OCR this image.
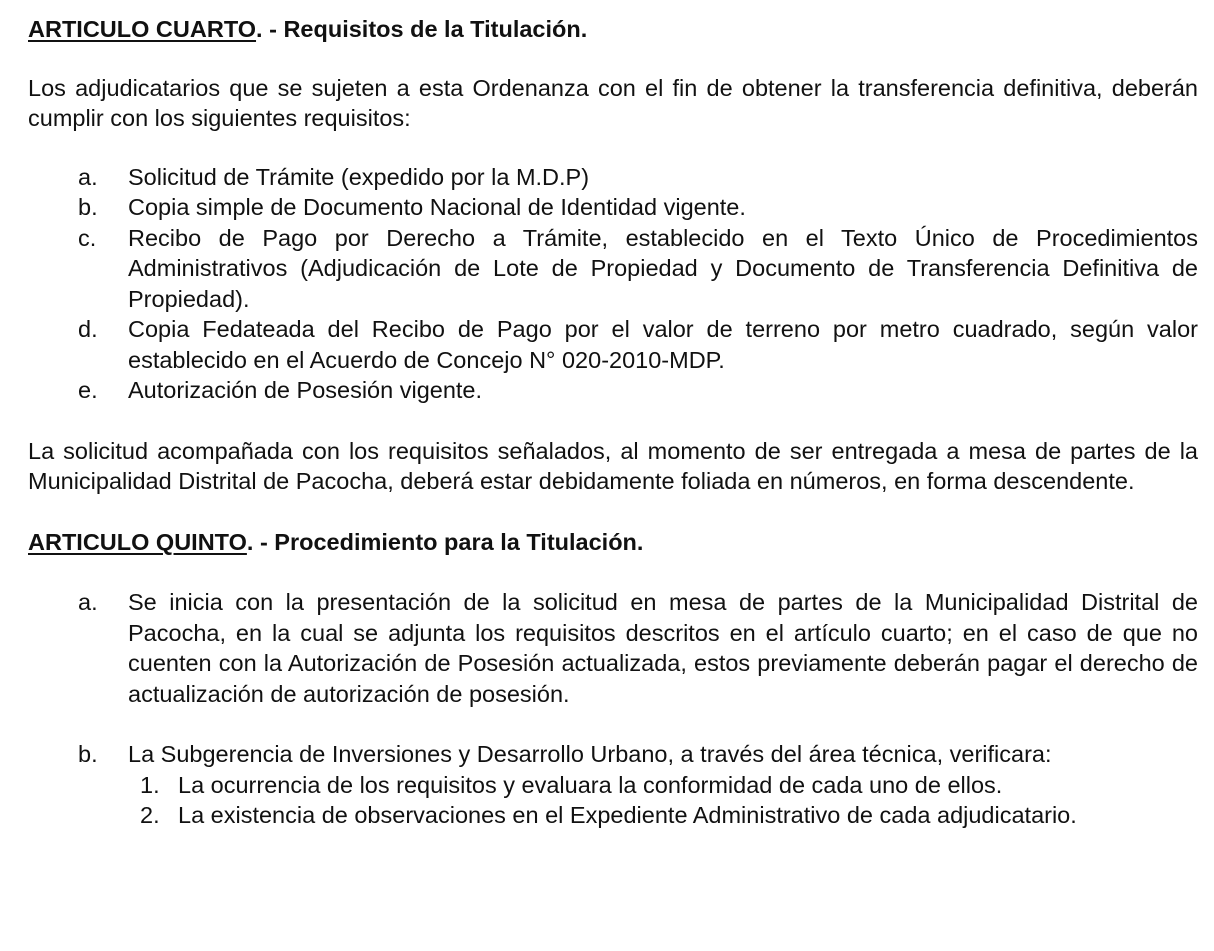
ARTICULO CUARTO. - Requisitos de la Titulación.

Los adjudicatarios que se sujeten a esta Ordenanza con el fin de obtener la transferencia definitiva, deberán cumplir con los siguientes requisitos:

a. Solicitud de Trámite (expedido por la M.D.P)
b. Copia simple de Documento Nacional de Identidad vigente.
c. Recibo de Pago por Derecho a Trámite, establecido en el Texto Único de Procedimientos Administrativos (Adjudicación de Lote de Propiedad y Documento de Transferencia Definitiva de Propiedad).
d. Copia Fedateada del Recibo de Pago por el valor de terreno por metro cuadrado, según valor establecido en el Acuerdo de Concejo N° 020-2010-MDP.
e. Autorización de Posesión vigente.

La solicitud acompañada con los requisitos señalados, al momento de ser entregada a mesa de partes de la Municipalidad Distrital de Pacocha, deberá estar debidamente foliada en números, en forma descendente.

ARTICULO QUINTO. - Procedimiento para la Titulación.

a. Se inicia con la presentación de la solicitud en mesa de partes de la Municipalidad Distrital de Pacocha, en la cual se adjunta los requisitos descritos en el artículo cuarto; en el caso de que no cuenten con la Autorización de Posesión actualizada, estos previamente deberán pagar el derecho de actualización de autorización de posesión.
b. La Subgerencia de Inversiones y Desarrollo Urbano, a través del área técnica, verificara:
1. La ocurrencia de los requisitos y evaluara la conformidad de cada uno de ellos.
2. La existencia de observaciones en el Expediente Administrativo de cada adjudicatario.
